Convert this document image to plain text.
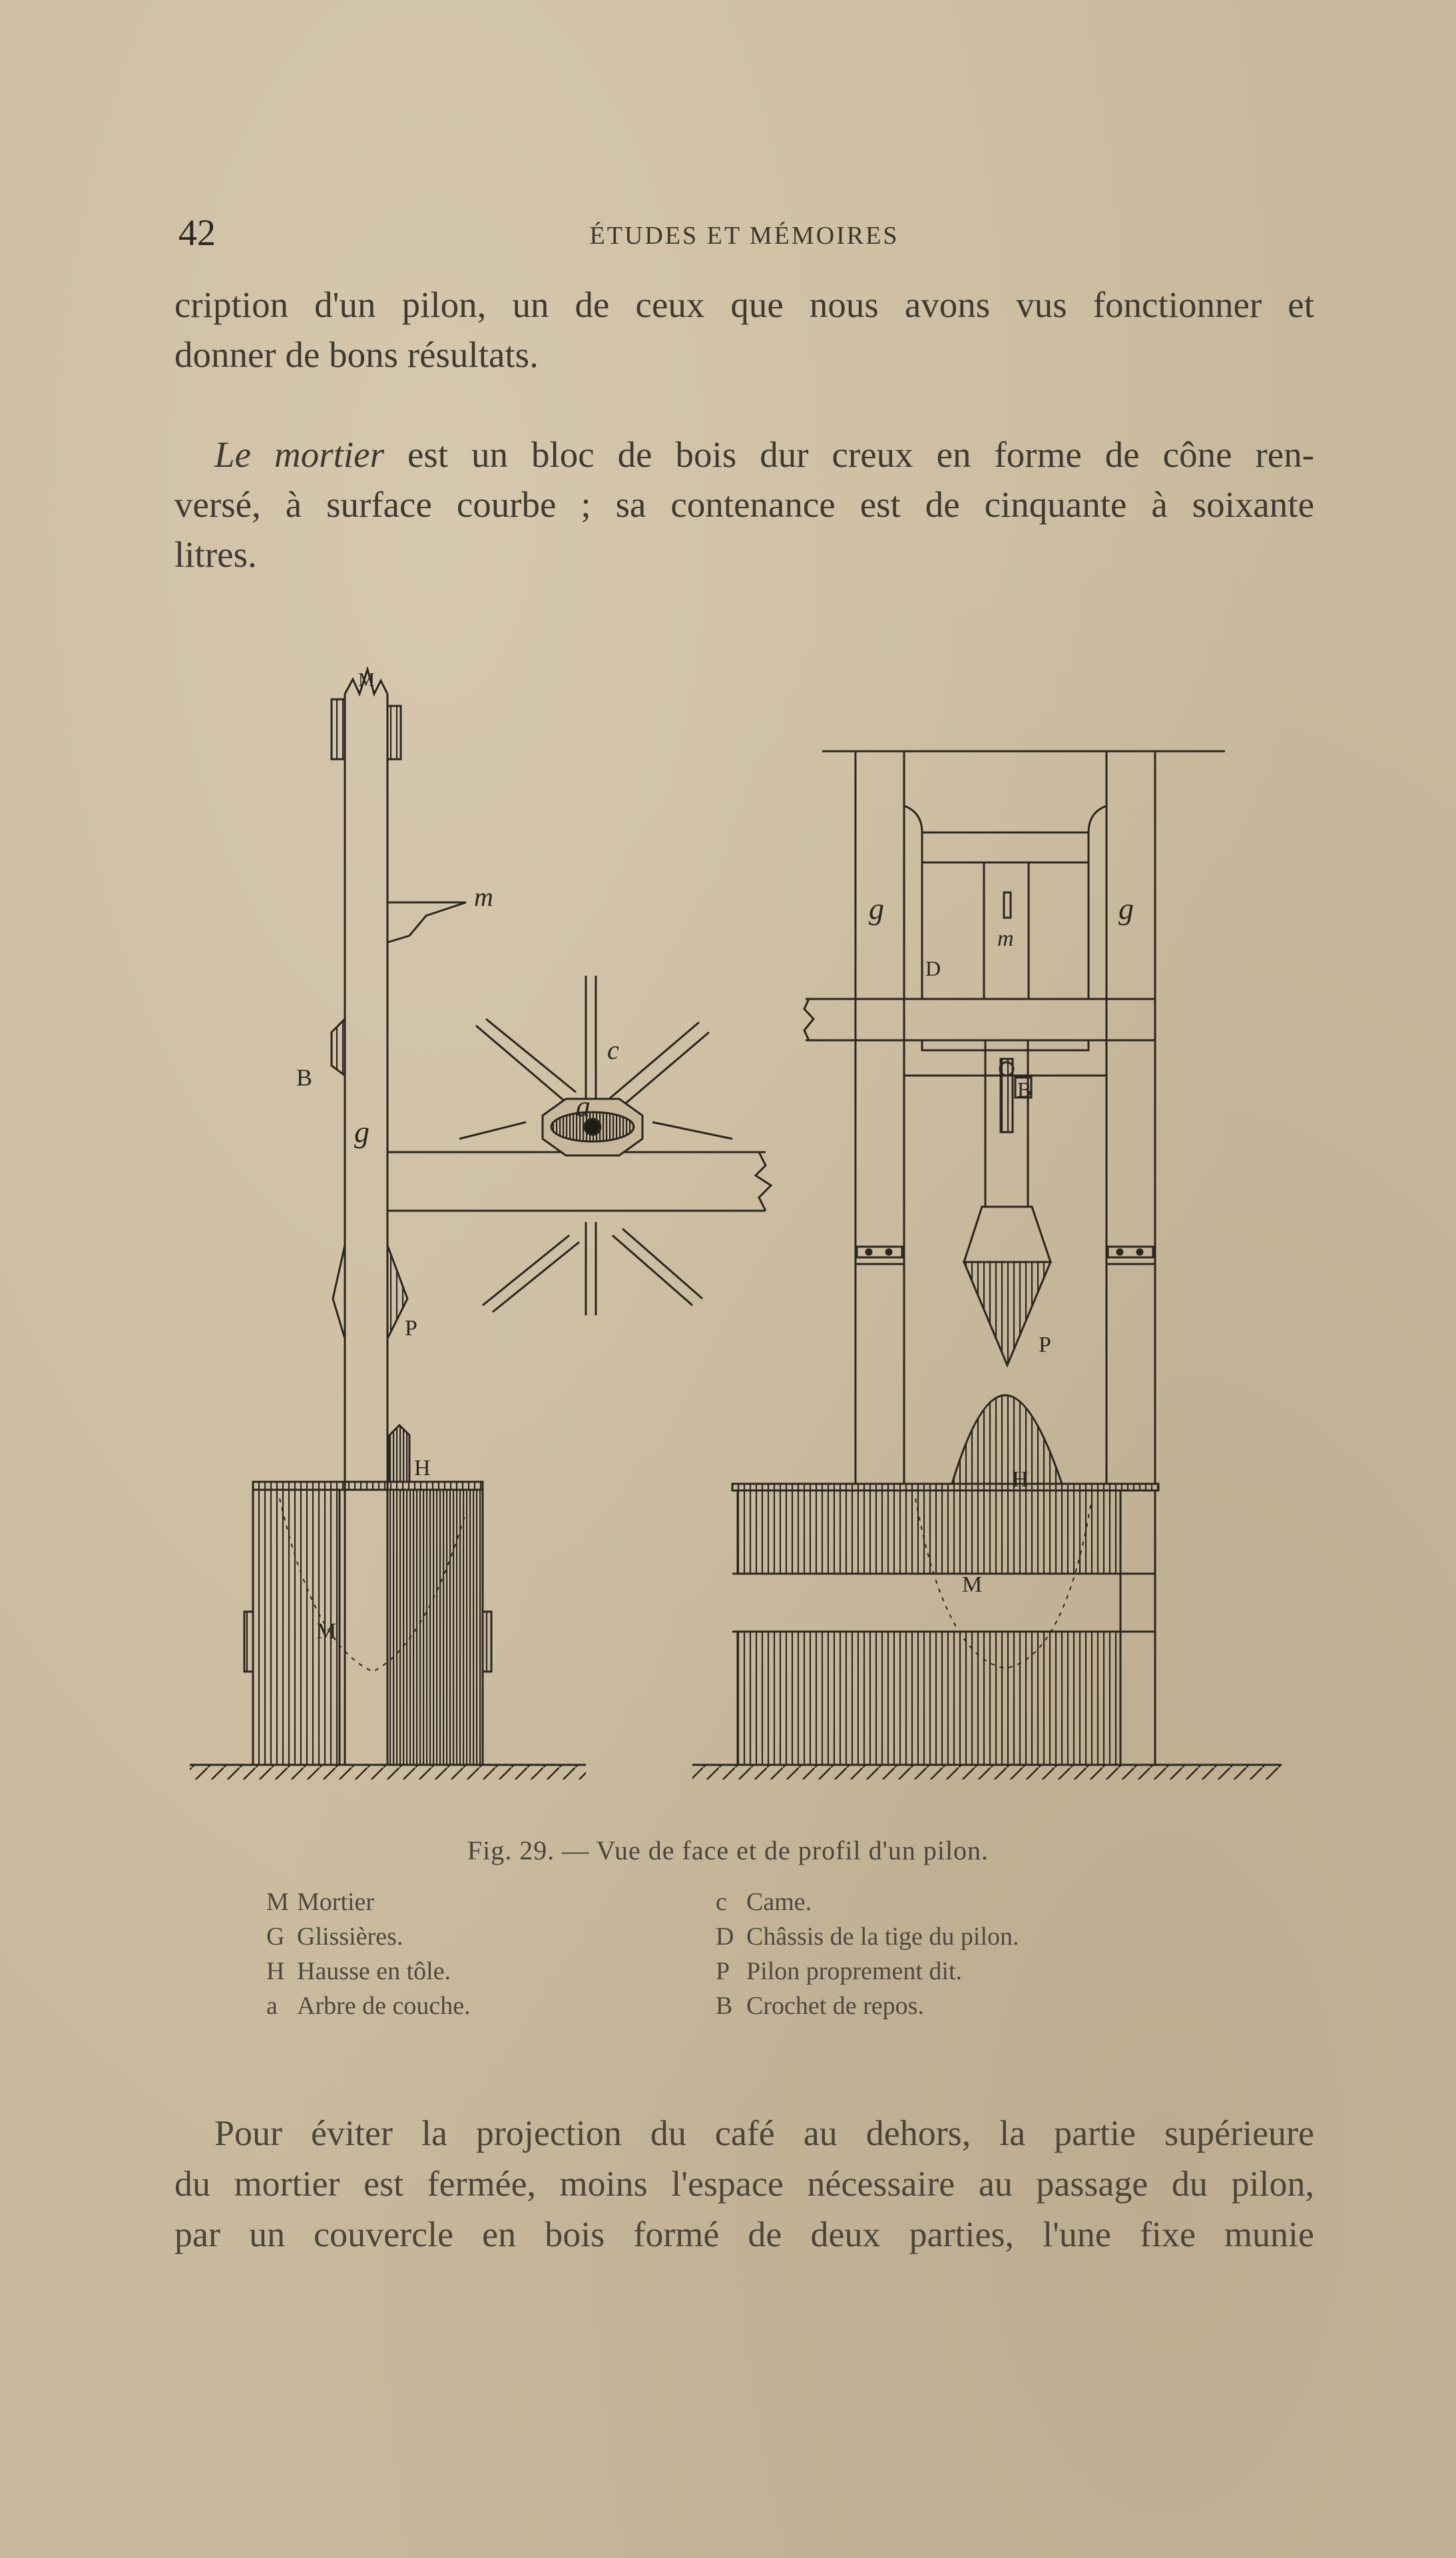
42	ÉTUDES ET MÉMOIRES
cription d'un pilon, un de ceux que nous avons vus fonctionner et
donner de bons résultats.
Le mortier est un bloc de bois dur creux en forme de cône ren-
versé, à surface courbe ; sa contenance est de cinquante à soixante
litres.
M
m
B
c
a
g
P
H
M
g	g
m
D
B
P
H
M
Fig. 29. — Vue de face et de profil d'un pilon.
M Mortier
G Glissières.
H Hausse en tôle.
a Arbre de couche.
c Came.
D Châssis de la tige du pilon.
P Pilon proprement dit.
B Crochet de repos.
Pour éviter la projection du café au dehors, la partie supérieure
du mortier est fermée, moins l'espace nécessaire au passage du pilon,
par un couvercle en bois formé de deux parties, l'une fixe munie
